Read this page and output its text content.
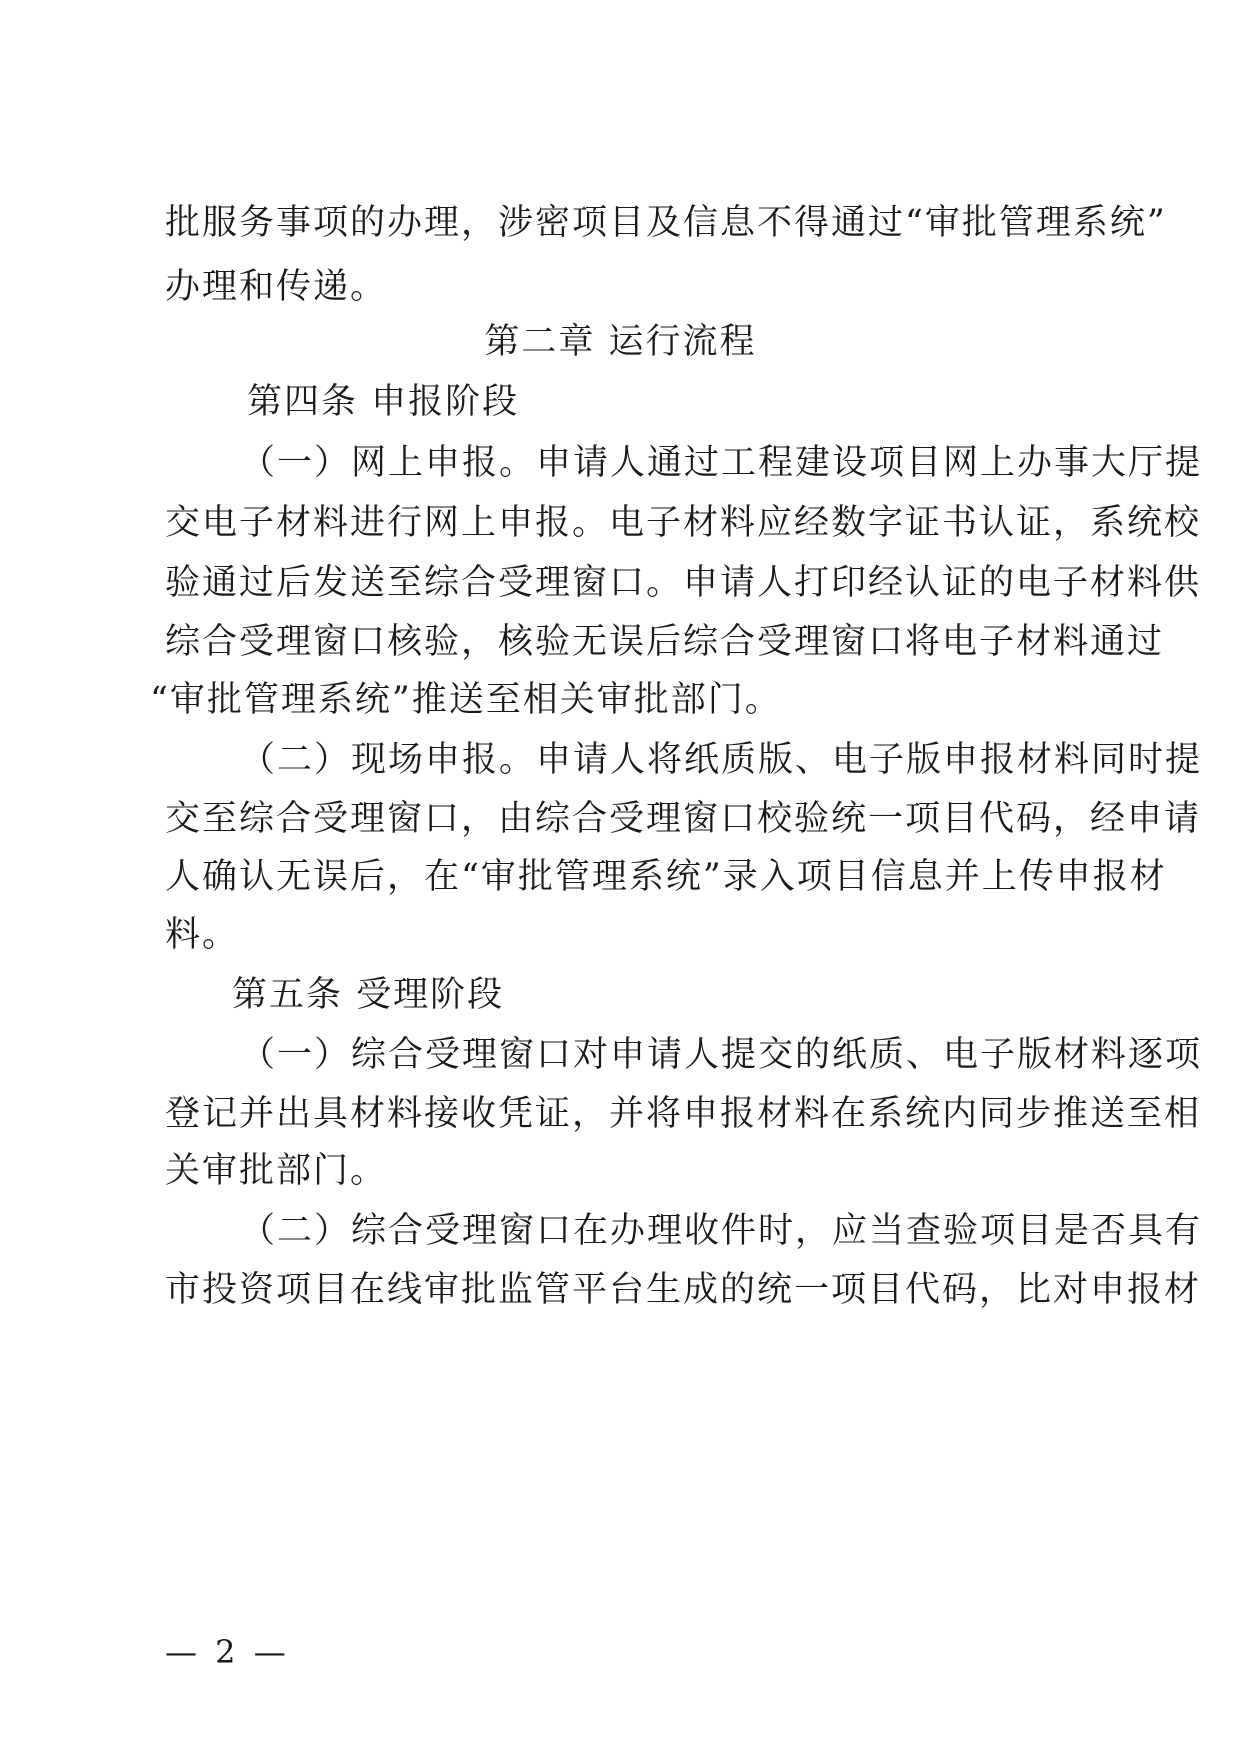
批服务事项的办理，涉密项目及信息不得通过“审批管理系统”
办理和传递。
第二章 运行流程
第四条 申报阶段
（一）网上申报。申请人通过工程建设项目网上办事大厅提
交电子材料进行网上申报。电子材料应经数字证书认证，系统校
验通过后发送至综合受理窗口。申请人打印经认证的电子材料供
综合受理窗口核验，核验无误后综合受理窗口将电子材料通过
“审批管理系统”推送至相关审批部门。
（二）现场申报。申请人将纸质版、电子版申报材料同时提
交至综合受理窗口，由综合受理窗口校验统一项目代码，经申请
人确认无误后，在“审批管理系统”录入项目信息并上传申报材
料。
第五条 受理阶段
（一）综合受理窗口对申请人提交的纸质、电子版材料逐项
登记并出具材料接收凭证，并将申报材料在系统内同步推送至相
关审批部门。
（二）综合受理窗口在办理收件时，应当查验项目是否具有
市投资项目在线审批监管平台生成的统一项目代码，比对申报材
— 2 —
